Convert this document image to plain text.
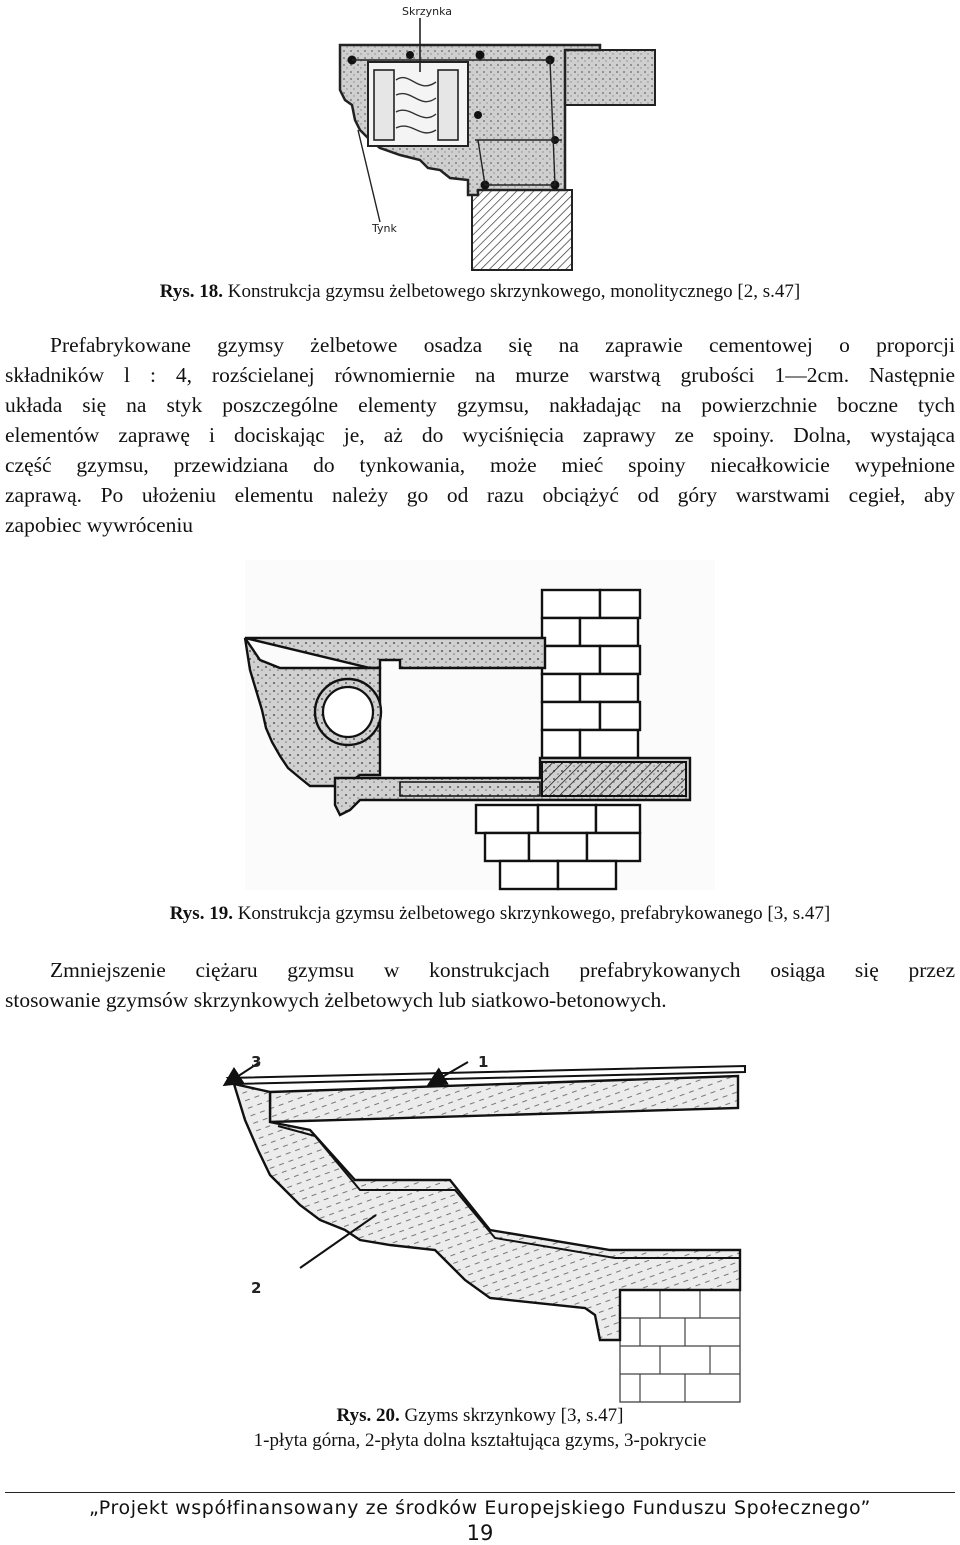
Skrzynka
Tynk
Rys. 18. Konstrukcja gzymsu żelbetowego skrzynkowego, monolitycznego [2, s.47]
Prefabrykowane gzymsy żelbetowe osadza się na zaprawie cementowej o proporcji
składników l : 4, rozścielanej równomiernie na murze warstwą grubości 1—2cm. Następnie
układa się na styk poszczególne elementy gzymsu, nakładając na powierzchnie boczne tych
elementów zaprawę i dociskając je, aż do wyciśnięcia zaprawy ze spoiny. Dolna, wystająca
część gzymsu, przewidziana do tynkowania, może mieć spoiny niecałkowicie wypełnione
zaprawą. Po ułożeniu elementu należy go od razu obciążyć od góry warstwami cegieł, aby
zapobiec wywróceniu
Rys. 19. Konstrukcja gzymsu żelbetowego skrzynkowego, prefabrykowanego [3, s.47]
Zmniejszenie ciężaru gzymsu w konstrukcjach prefabrykowanych osiąga się przez
stosowanie gzymsów skrzynkowych żelbetowych lub siatkowo-betonowych.
3	1
2
Rys. 20. Gzyms skrzynkowy [3, s.47]
1-płyta górna, 2-płyta dolna kształtująca gzyms, 3-pokrycie
„Projekt współfinansowany ze środków Europejskiego Funduszu Społecznego”
19
